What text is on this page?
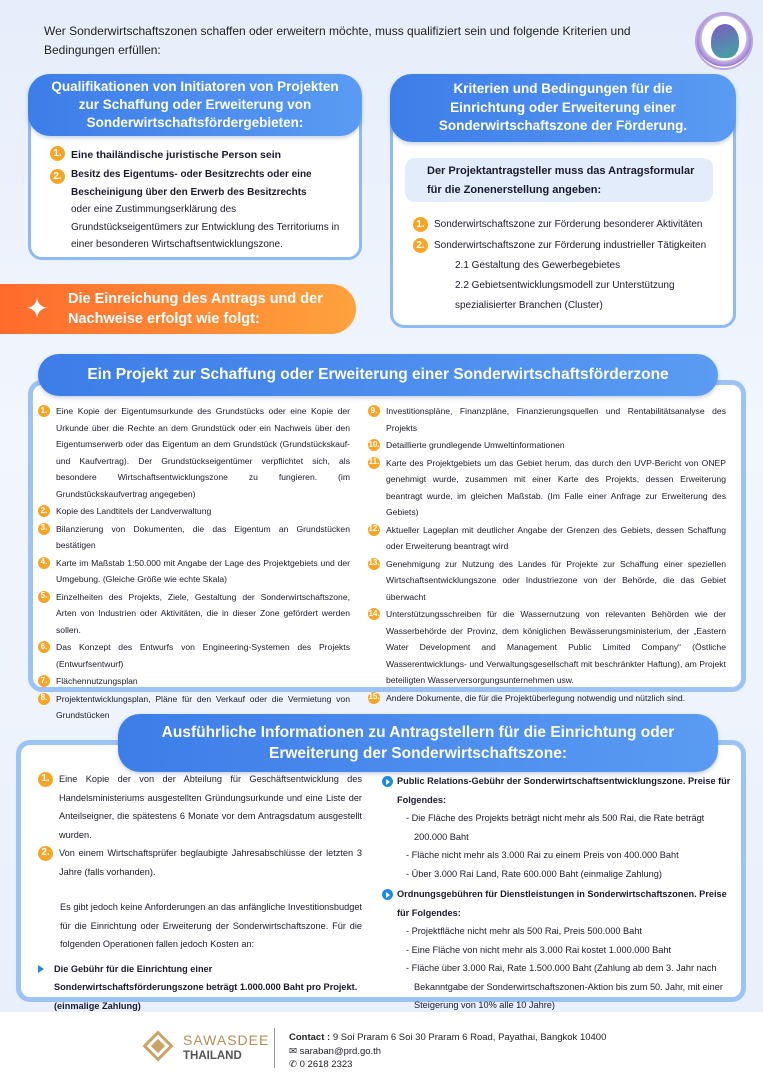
Wer Sonderwirtschaftszonen schaffen oder erweitern möchte, muss qualifiziert sein und folgende Kriterien und Bedingungen erfüllen:
Qualifikationen von Initiatoren von Projekten zur Schaffung oder Erweiterung von Sonderwirtschaftsfördergebieten:
1. Eine thailändische juristische Person sein
2. Besitz des Eigentums- oder Besitzrechts oder eine Bescheinigung über den Erwerb des Besitzrechts
oder eine Zustimmungserklärung des Grundstückseigentümers zur Entwicklung des Territoriums in einer besonderen Wirtschaftsentwicklungszone.
Kriterien und Bedingungen für die Einrichtung oder Erweiterung einer Sonderwirtschaftszone der Förderung.
Der Projektantragsteller muss das Antragsformular für die Zonenerstellung angeben:
1. Sonderwirtschaftszone zur Förderung besonderer Aktivitäten
2. Sonderwirtschaftszone zur Förderung industrieller Tätigkeiten
2.1 Gestaltung des Gewerbegebietes
2.2 Gebietsentwicklungsmodell zur Unterstützung spezialisierter Branchen (Cluster)
✦	Die Einreichung des Antrags und der Nachweise erfolgt wie folgt:
Ein Projekt zur Schaffung oder Erweiterung einer Sonderwirtschaftsförderzone
1.	Eine Kopie der Eigentumsurkunde des Grundstücks oder eine Kopie der Urkunde über die Rechte an dem Grundstück oder ein Nachweis über den Eigentumserwerb oder das Eigentum an dem Grundstück (Grundstückskauf- und Kaufvertrag). Der Grundstückseigentümer verpflichtet sich, als besondere Wirtschaftsentwicklungszone zu fungieren. (im Grundstückskaufvertrag angegeben)
2.	Kopie des Landtitels der Landverwaltung
3.	Bilanzierung von Dokumenten, die das Eigentum an Grundstücken bestätigen
4.	Karte im Maßstab 1:50.000 mit Angabe der Lage des Projektgebiets und der Umgebung. (Gleiche Größe wie echte Skala)
5.	Einzelheiten des Projekts, Ziele, Gestaltung der Sonderwirtschaftszone, Arten von Industrien oder Aktivitäten, die in dieser Zone gefördert werden sollen.
6.	Das Konzept des Entwurfs von Engineering-Systemen des Projekts (Entwurfsentwurf)
7.	Flächennutzungsplan
8.	Projektentwicklungsplan, Pläne für den Verkauf oder die Vermietung von Grundstücken
9.	Investitionspläne, Finanzpläne, Finanzierungsquellen und Rentabilitätsanalyse des Projekts
10. Detaillierte grundlegende Umweltinformationen
11. Karte des Projektgebiets um das Gebiet herum, das durch den UVP-Bericht von ONEP genehmigt wurde, zusammen mit einer Karte des Projekts, dessen Erweiterung beantragt wurde, im gleichen Maßstab. (Im Falle einer Anfrage zur Erweiterung des Gebiets)
12. Aktueller Lageplan mit deutlicher Angabe der Grenzen des Gebiets, dessen Schaffung oder Erweiterung beantragt wird
13. Genehmigung zur Nutzung des Landes für Projekte zur Schaffung einer speziellen Wirtschaftsentwicklungszone oder Industriezone von der Behörde, die das Gebiet überwacht
14. Unterstützungsschreiben für die Wassernutzung von relevanten Behörden wie der Wasserbehörde der Provinz, dem königlichen Bewässerungsministerium, der „Eastern Water Development and Management Public Limited Company“ (Östliche Wasserentwicklungs- und Verwaltungsgesellschaft mit beschränkter Haftung), am Projekt beteiligten Wasserversorgungsunternehmen usw.
15. Andere Dokumente, die für die Projektüberlegung notwendig und nützlich sind.
Ausführliche Informationen zu Antragstellern für die Einrichtung oder Erweiterung der Sonderwirtschaftszone:
1.	Eine Kopie der von der Abteilung für Geschäftsentwicklung des Handelsministeriums ausgestellten Gründungsurkunde und eine Liste der Anteilseigner, die spätestens 6 Monate vor dem Antragsdatum ausgestellt wurden.
2.	Von einem Wirtschaftsprüfer beglaubigte Jahresabschlüsse der letzten 3 Jahre (falls vorhanden).
Es gibt jedoch keine Anforderungen an das anfängliche Investitionsbudget für die Einrichtung oder Erweiterung der Sonderwirtschaftszone. Für die folgenden Operationen fallen jedoch Kosten an:
Die Gebühr für die Einrichtung einer Sonderwirtschaftsförderungszone beträgt 1.000.000 Baht pro Projekt. (einmalige Zahlung)
Public Relations-Gebühr der Sonderwirtschaftsentwicklungszone. Preise für Folgendes:
- Die Fläche des Projekts beträgt nicht mehr als 500 Rai, die Rate beträgt 200.000 Baht
- Fläche nicht mehr als 3.000 Rai zu einem Preis von 400.000 Baht
- Über 3.000 Rai Land, Rate 600.000 Baht (einmalige Zahlung)
Ordnungsgebühren für Dienstleistungen in Sonderwirtschaftszonen. Preise für Folgendes:
- Projektfläche nicht mehr als 500 Rai, Preis 500.000 Baht
- Eine Fläche von nicht mehr als 3.000 Rai kostet 1.000.000 Baht
- Fläche über 3.000 Rai, Rate 1.500.000 Baht (Zahlung ab dem 3. Jahr nach Bekanntgabe der Sonderwirtschaftszonen-Aktion bis zum 50. Jahr, mit einer Steigerung von 10% alle 10 Jahre)
SAWASDEE
THAILAND
Contact : 9 Soi Praram 6 Soi 30 Praram 6 Road, Payathai, Bangkok 10400
✉ saraban@prd.go.th
✆ 0 2618 2323
